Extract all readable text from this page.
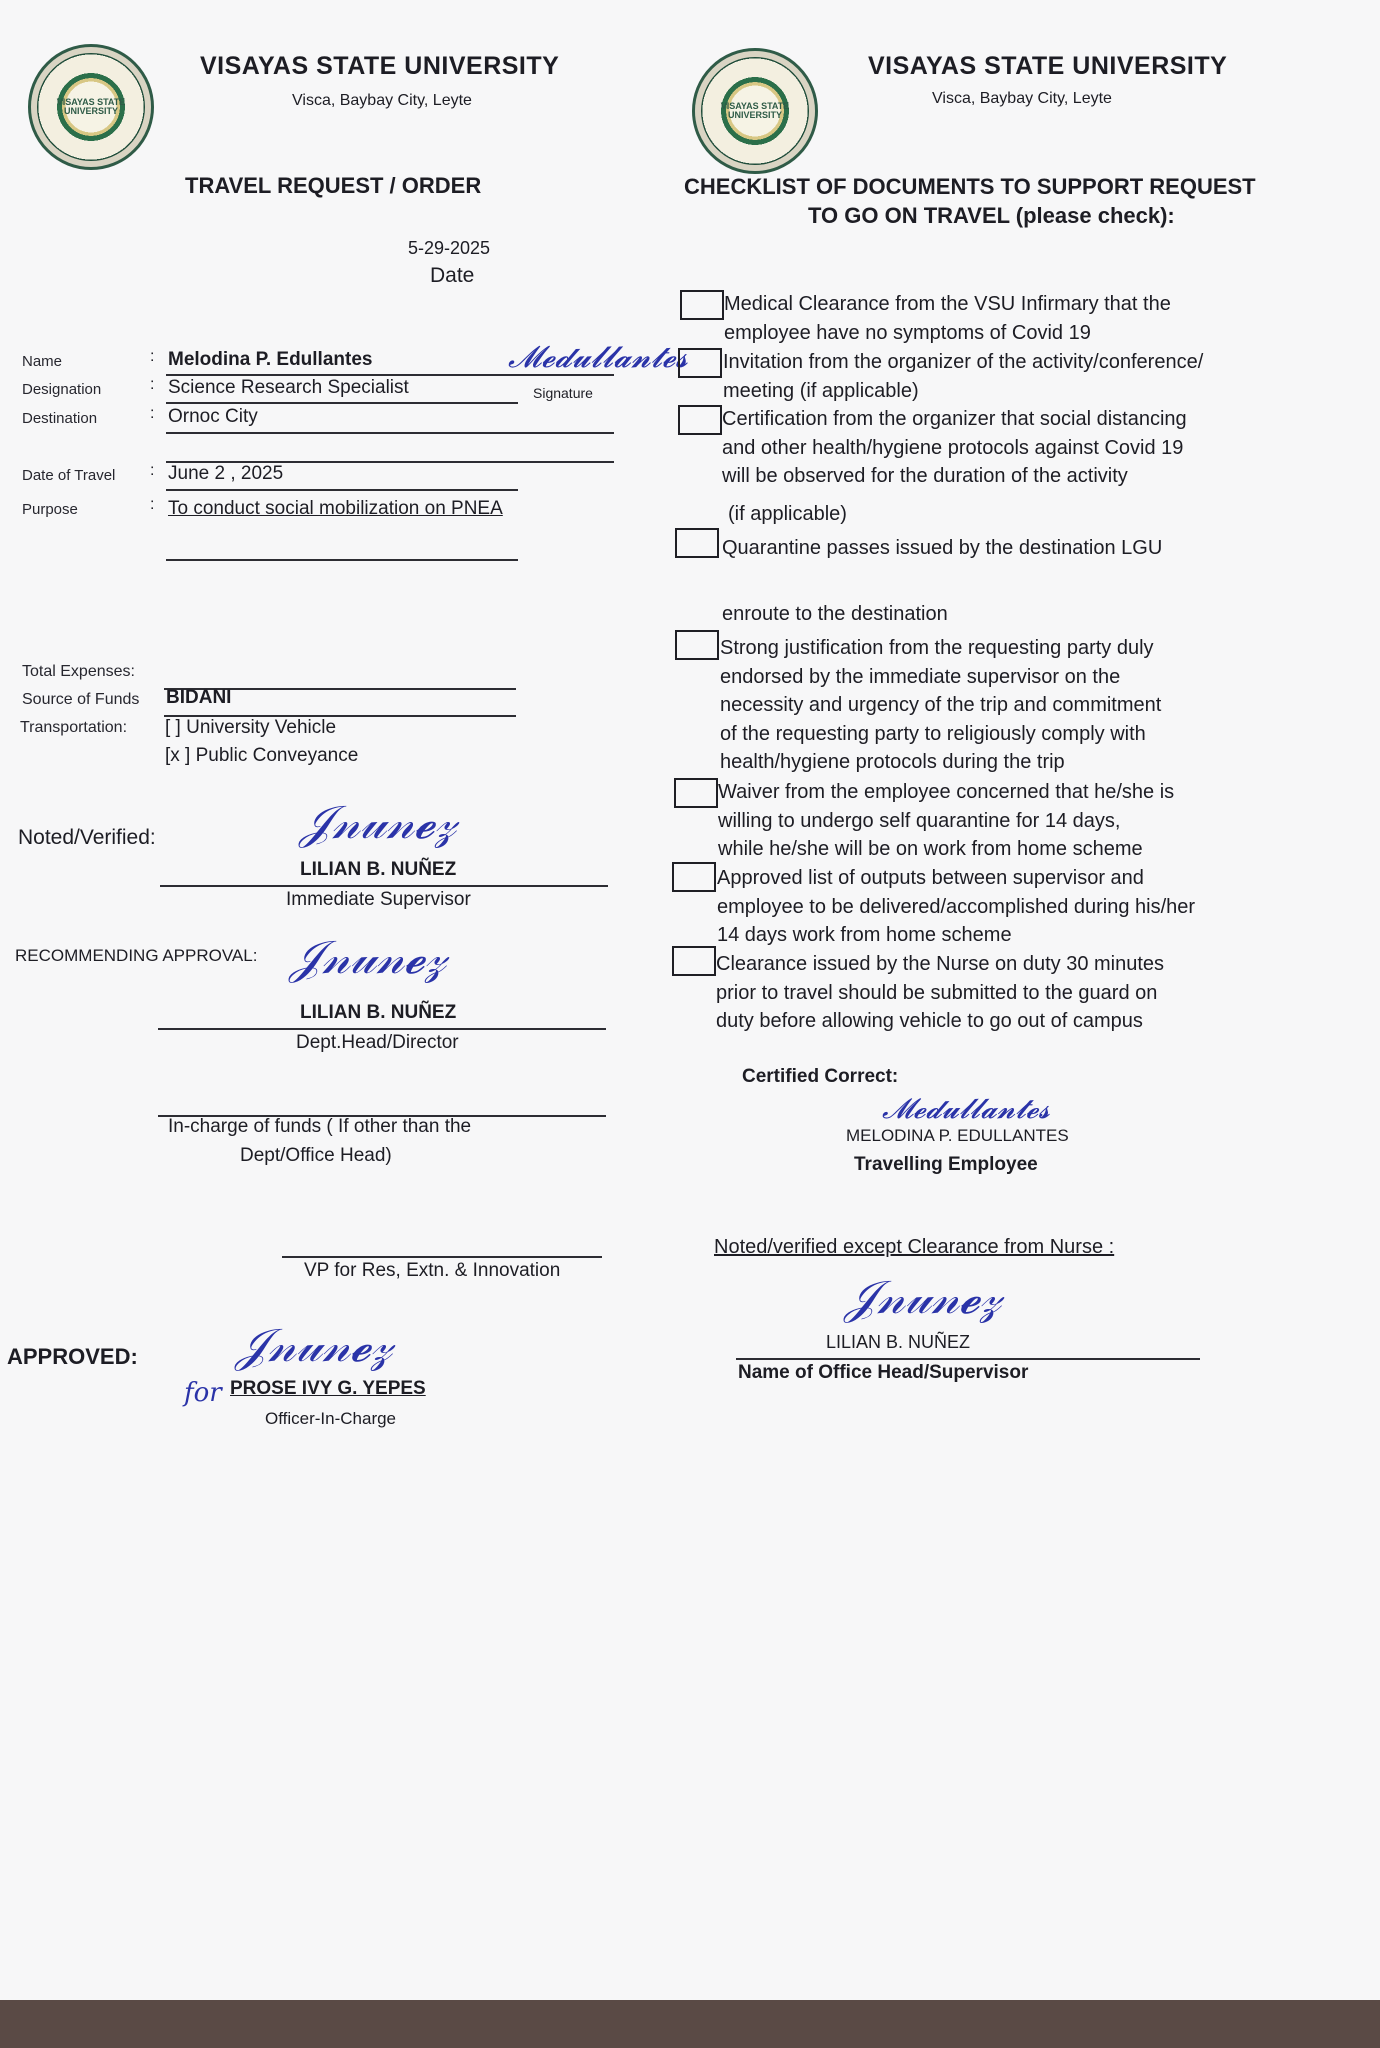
VISAYAS STATE UNIVERSITY
VISAYAS STATE UNIVERSITY
Visca, Baybay City, Leyte
TRAVEL REQUEST / ORDER
5-29-2025
Date
Name	: Melodina P. Edullantes	𝓜𝓮𝓭𝓾𝓵𝓵𝓪𝓷𝓽𝓮𝓼
Designation	: Science Research Specialist	Signature
Destination	: Ornoc City
Date of Travel : June 2 , 2025
Purpose	: To conduct social mobilization on PNEA
Total Expenses:
Source of Funds BIDANI
Transportation: [ ] University Vehicle
[x ] Public Conveyance
Noted/Verified:	𝒥𝓃𝓊𝓃𝓮𝓏
LILIAN B. NUÑEZ
Immediate Supervisor
RECOMMENDING APPROVAL: 𝒥𝓃𝓊𝓃𝓮𝓏
LILIAN B. NUÑEZ
Dept.Head/Director
In-charge of funds ( If other than the
Dept/Office Head)
VP for Res, Extn. & Innovation
APPROVED:
for
𝒥𝓃𝓊𝓃𝓮𝓏
PROSE IVY G. YEPES
Officer-In-Charge
VISAYAS STATE UNIVERSITY
VISAYAS STATE UNIVERSITY
Visca, Baybay City, Leyte
CHECKLIST OF DOCUMENTS TO SUPPORT REQUEST
TO GO ON TRAVEL (please check):
Medical Clearance from the VSU Infirmary that the
employee have no symptoms of Covid 19
Invitation from the organizer of the activity/conference/
meeting (if applicable)
Certification from the organizer that social distancing
and other health/hygiene protocols against Covid 19
will be observed for the duration of the activity
(if applicable)
Quarantine passes issued by the destination LGU
enroute to the destination
Strong justification from the requesting party duly
endorsed by the immediate supervisor on the
necessity and urgency of the trip and commitment
of the requesting party to religiously comply with
health/hygiene protocols during the trip
Waiver from the employee concerned that he/she is
willing to undergo self quarantine for 14 days,
while he/she will be on work from home scheme
Approved list of outputs between supervisor and
employee to be delivered/accomplished during his/her
14 days work from home scheme
Clearance issued by the Nurse on duty 30 minutes
prior to travel should be submitted to the guard on
duty before allowing vehicle to go out of campus
Certified Correct:
𝓜𝓮𝓭𝓾𝓵𝓵𝓪𝓷𝓽𝓮𝓼
MELODINA P. EDULLANTES
Travelling Employee
Noted/verified except Clearance from Nurse :
𝒥𝓃𝓊𝓃𝓮𝓏
LILIAN B. NUÑEZ
Name of Office Head/Supervisor
